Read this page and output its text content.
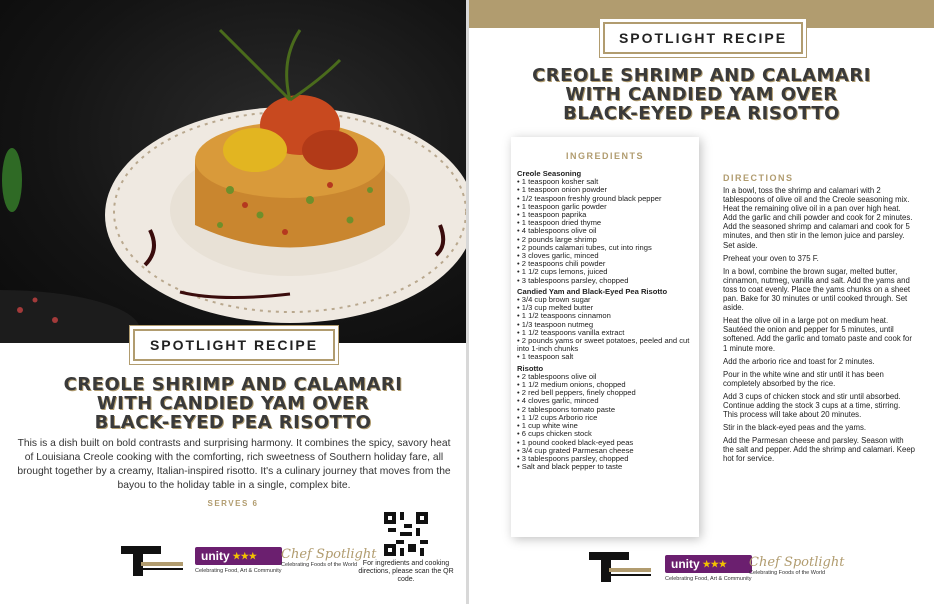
SPOTLIGHT RECIPE
CREOLE SHRIMP AND CALAMARI
WITH CANDIED YAM OVER
BLACK-EYED PEA RISOTTO
This is a dish built on bold contrasts and surprising harmony. It combines the spicy, savory heat of Louisiana Creole cooking with the comforting, rich sweetness of Southern holiday fare, all brought together by a creamy, Italian-inspired risotto. It's a culinary journey that moves from the bayou to the holiday table in a single, complex bite.
SERVES 6
unity ★★★
Celebrating Food, Art & Community
Chef Spotlight
Celebrating Foods of the World For ingredients and cooking directions, please scan the QR code.
SPOTLIGHT RECIPE
CREOLE SHRIMP AND CALAMARI
WITH CANDIED YAM OVER
BLACK-EYED PEA RISOTTO
INGREDIENTS
Creole Seasoning
• 1 teaspoon kosher salt
• 1 teaspoon onion powder
• 1/2 teaspoon freshly ground black pepper
• 1 teaspoon garlic powder
• 1 teaspoon paprika
• 1 teaspoon dried thyme
• 4 tablespoons olive oil
• 2 pounds large shrimp
• 2 pounds calamari tubes, cut into rings
• 3 cloves garlic, minced
• 2 teaspoons chili powder
• 1 1/2 cups lemons, juiced
• 3 tablespoons parsley, chopped
Candied Yam and Black-Eyed Pea Risotto
• 3/4 cup brown sugar
• 1/3 cup melted butter
• 1 1/2 teaspoons cinnamon
• 1/3 teaspoon nutmeg
• 1 1/2 teaspoons vanilla extract
• 2 pounds yams or sweet potatoes, peeled and cut into 1-inch chunks
• 1 teaspoon salt
Risotto
• 2 tablespoons olive oil
• 1 1/2 medium onions, chopped
• 2 red bell peppers, finely chopped
• 4 cloves garlic, minced
• 2 tablespoons tomato paste
• 1 1/2 cups Arborio rice
• 1 cup white wine
• 6 cups chicken stock
• 1 pound cooked black-eyed peas
• 3/4 cup grated Parmesan cheese
• 3 tablespoons parsley, chopped
• Salt and black pepper to taste
DIRECTIONS

In a bowl, toss the shrimp and calamari with 2 tablespoons of olive oil and the Creole seasoning mix. Heat the remaining olive oil in a pan over high heat. Add the garlic and chili powder and cook for 2 minutes. Add the seasoned shrimp and calamari and cook for 5 minutes, and then stir in the lemon juice and parsley. Set aside.

Preheat your oven to 375 F.

In a bowl, combine the brown sugar, melted butter, cinnamon, nutmeg, vanilla and salt. Add the yams and toss to coat evenly. Place the yams chunks on a sheet pan. Bake for 30 minutes or until cooked through. Set aside.

Heat the olive oil in a large pot on medium heat. Sautéed the onion and pepper for 5 minutes, until softened. Add the garlic and tomato paste and cook for 1 minute more.

Add the arborio rice and toast for 2 minutes.

Pour in the white wine and stir until it has been completely absorbed by the rice.

Add 3 cups of chicken stock and stir until absorbed. Continue adding the stock 3 cups at a time, stirring. This process will take about 20 minutes.

Stir in the black-eyed peas and the yams.

Add the Parmesan cheese and parsley. Season with the salt and pepper. Add the shrimp and calamari. Keep hot for service.

unity ★★★
Celebrating Food, Art & Community
Chef Spotlight
Celebrating Foods of the World
